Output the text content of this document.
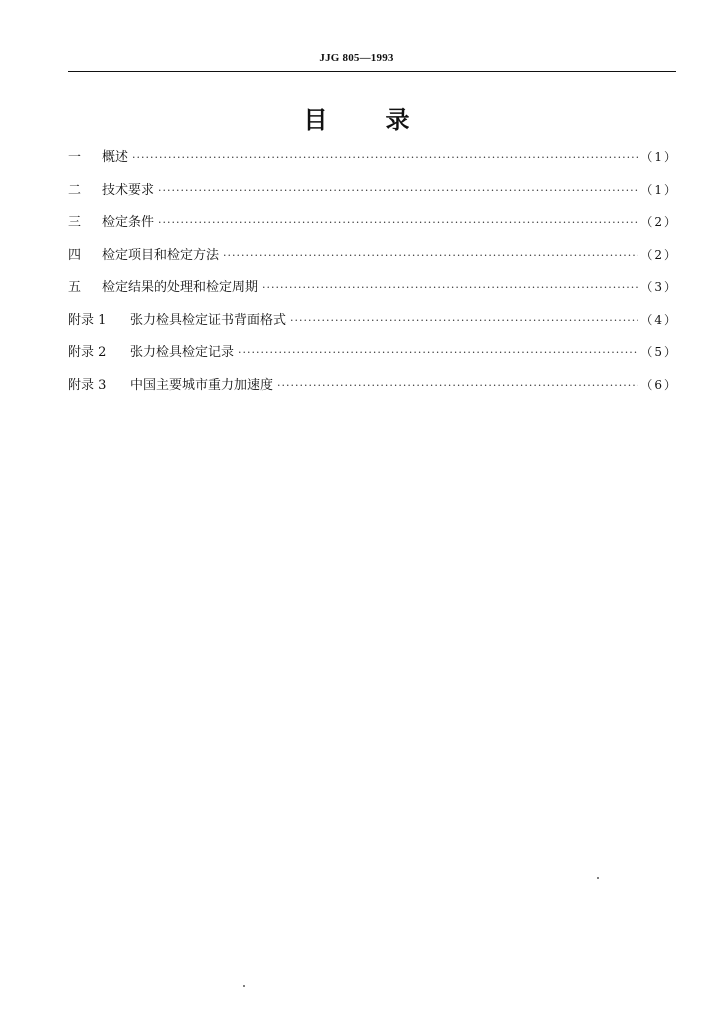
JJG 805—1993
目 录
一	概述 ·····	（1）
二	技术要求 ·····	（1）
三	检定条件 ·····	（2）
四	检定项目和检定方法 ·····	（2）
五	检定结果的处理和检定周期 ·····	（3）
附录 1	张力检具检定证书背面格式 ·····	（4）
附录 2	张力检具检定记录 ·····	（5）
附录 3	中国主要城市重力加速度 ·····	（6）
